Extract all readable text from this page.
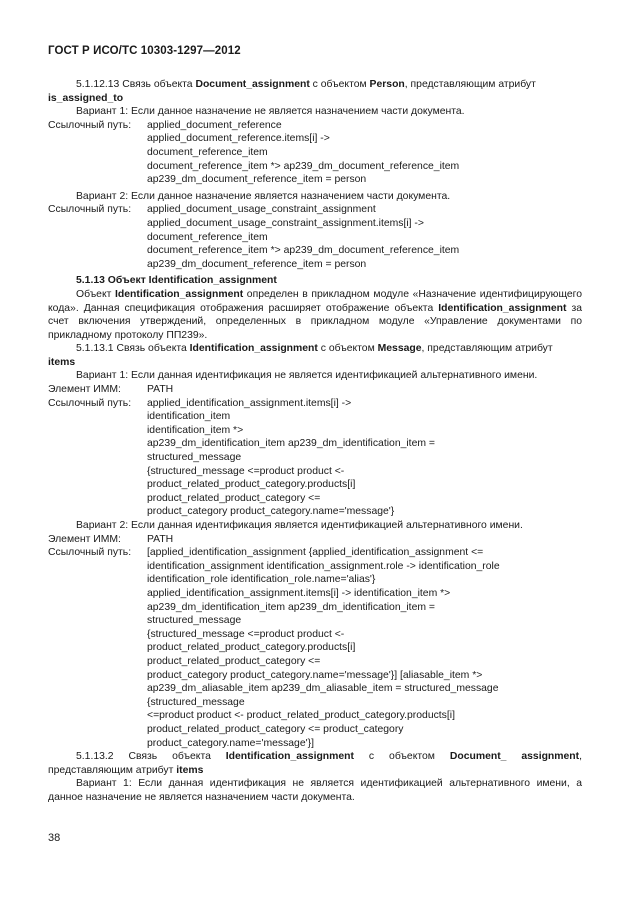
ГОСТ Р ИСО/ТС 10303-1297—2012

5.1.12.13 Связь объекта Document_assignment с объектом Person, представляющим атрибут

is_assigned_to

Вариант 1: Если данное назначение не является назначением части документа.

Ссылочный путь:	applied_document_reference

applied_document_reference.items[i] ->

document_reference_item

document_reference_item *> ap239_dm_document_reference_item

ap239_dm_document_reference_item = person

Вариант 2: Если данное назначение является назначением части документа.

Ссылочный путь:	applied_document_usage_constraint_assignment

applied_document_usage_constraint_assignment.items[i] ->

document_reference_item

document_reference_item *> ap239_dm_document_reference_item

ap239_dm_document_reference_item = person

5.1.13 Объект Identification_assignment

Объект Identification_assignment определен в прикладном модуле «Назначение идентифицирующего кода». Данная спецификация отображения расширяет отображение объекта Identification_assignment за счет включения утверждений, определенных в прикладном модуле «Управление документами по прикладному протоколу ПП239».

5.1.13.1 Связь объекта Identification_assignment с объектом Message, представляющим атрибут

items

Вариант 1: Если данная идентификация не является идентификацией альтернативного имени.

Элемент ИММ:	PATH
Ссылочный путь:	applied_identification_assignment.items[i] ->

identification_item

identification_item *>

ap239_dm_identification_item ap239_dm_identification_item =

structured_message

{structured_message <=product product <-

product_related_product_category.products[i]

product_related_product_category <=

product_category product_category.name='message'}

Вариант 2: Если данная идентификация является идентификацией альтернативного имени.

Элемент ИММ:	PATH
Ссылочный путь:	[applied_identification_assignment {applied_identification_assignment <=

identification_assignment identification_assignment.role -> identification_role

identification_role identification_role.name='alias'}

applied_identification_assignment.items[i] -> identification_item *>

ap239_dm_identification_item ap239_dm_identification_item =

structured_message

{structured_message <=product product <-

product_related_product_category.products[i]

product_related_product_category <=

product_category product_category.name='message'}] [aliasable_item *>

ap239_dm_aliasable_item ap239_dm_aliasable_item = structured_message

{structured_message

<=product product <- product_related_product_category.products[i]

product_related_product_category <= product_category

product_category.name='message'}]

5.1.13.2 Связь объекта Identification_assignment с объектом Document_ assignment, представляющим атрибут items

Вариант 1: Если данная идентификация не является идентификацией альтернативного имени, а данное назначение не является назначением части документа.

38
